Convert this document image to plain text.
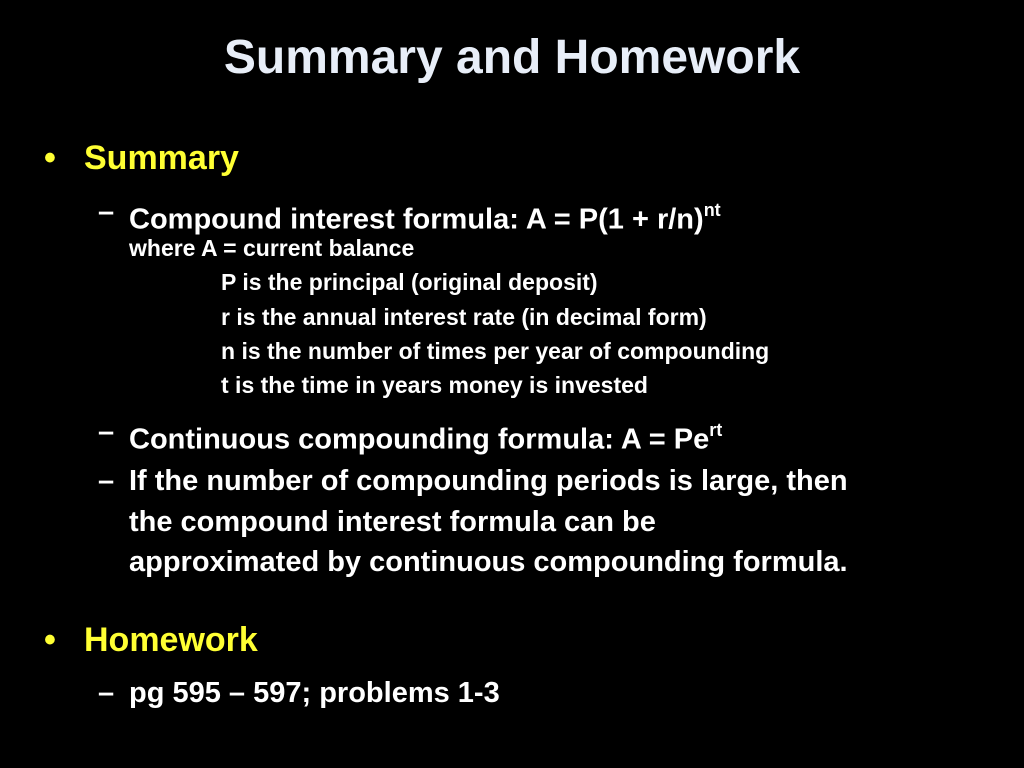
Summary and Homework
• Summary
– Compound interest formula: $A = P(1 + r/n)^{nt}$
where A = current balance
P is the principal (original deposit)
r is the annual interest rate (in decimal form)
n is the number of times per year of compounding
t is the time in years money is invested
– Continuous compounding formula: $A = Pe^{rt}$
– If the number of compounding periods is large, then
the compound interest formula can be
approximated by continuous compounding formula.
• Homework
– pg 595 – 597; problems 1-3
